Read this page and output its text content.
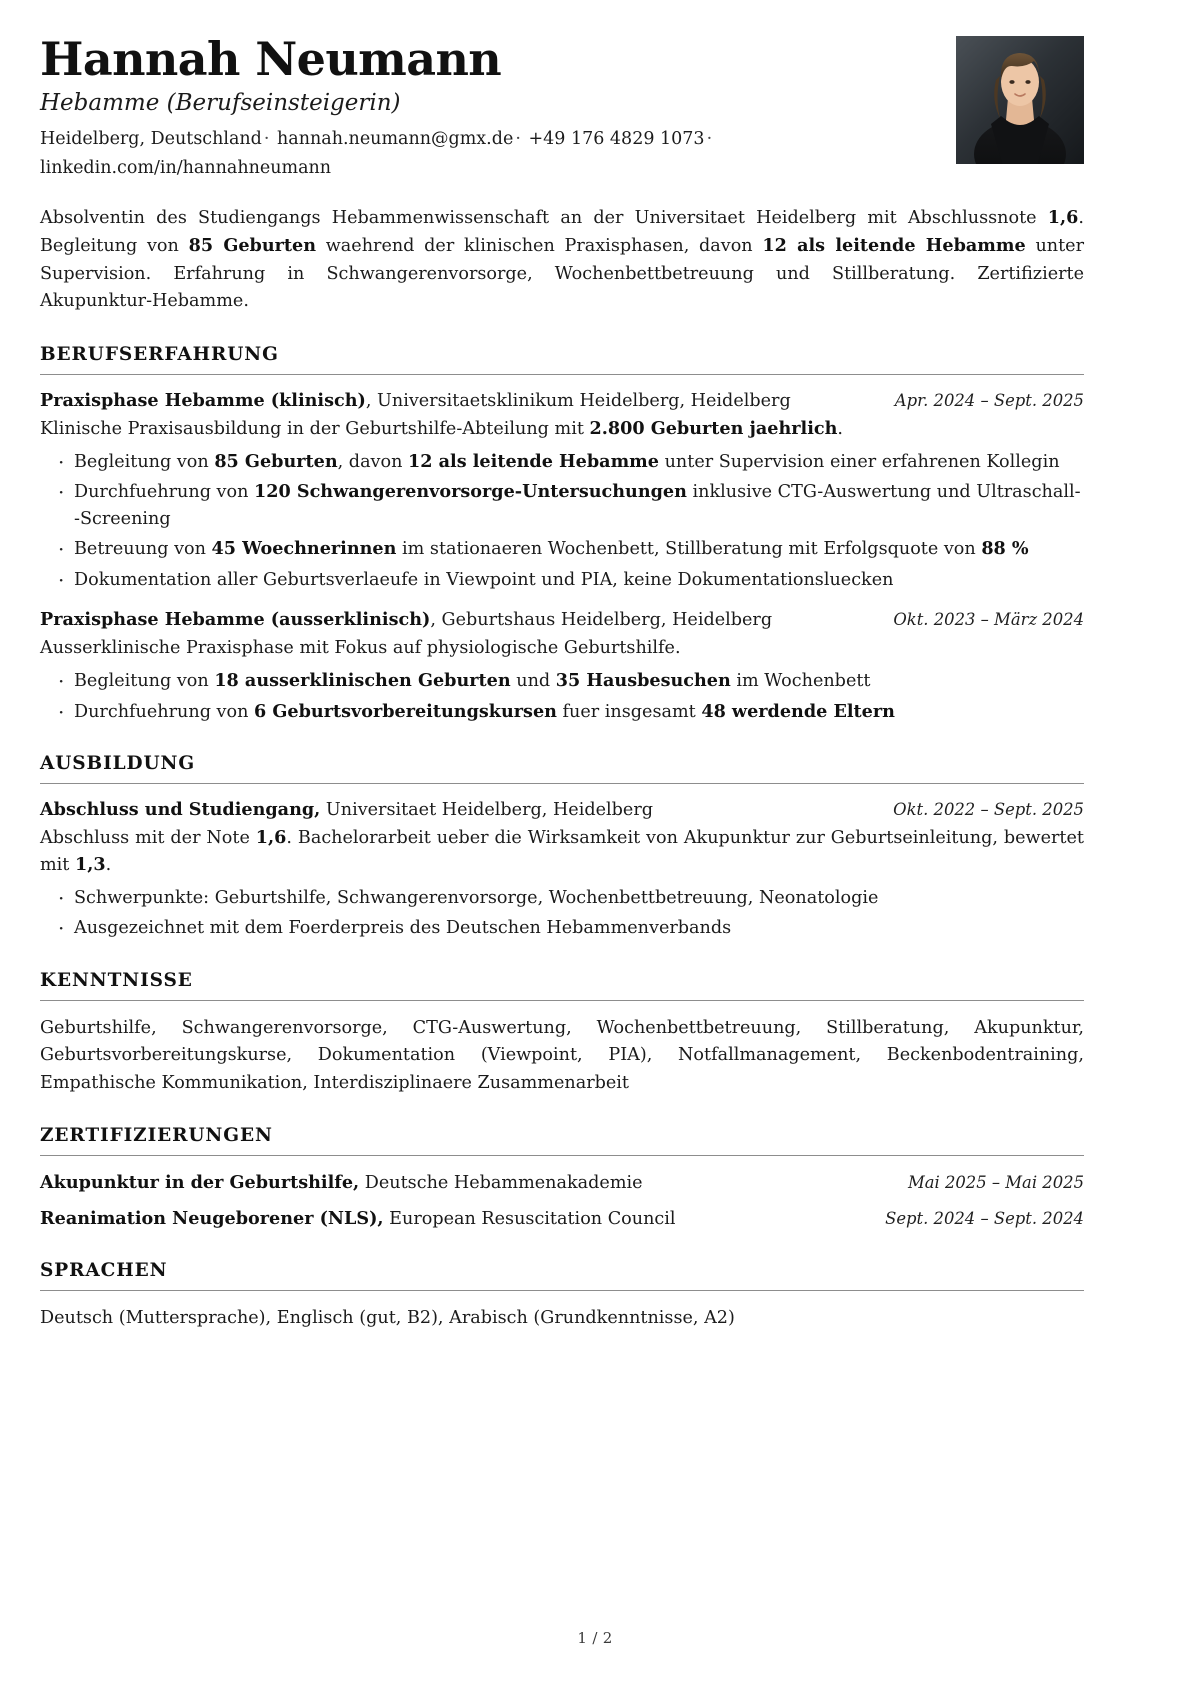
Hannah Neumann
Hebamme (Berufseinsteigerin)
Heidelberg, Deutschland · hannah.neumann@gmx.de · +49 176 4829 1073 · linkedin.com/in/hannahneumann

Absolventin des Studiengangs Hebammenwissenschaft an der Universitaet Heidelberg mit Abschlussnote 1,6. Begleitung von 85 Geburten waehrend der klinischen Praxisphasen, davon 12 als leitende Hebamme unter Supervision. Erfahrung in Schwangerenvorsorge, Wochenbettbetreuung und Stillberatung. Zertifizierte Akupunktur-Hebamme.

BERUFSERFAHRUNG
Praxisphase Hebamme (klinisch), Universitaetsklinikum Heidelberg, Heidelberg	Apr. 2024 – Sept. 2025
Klinische Praxisausbildung in der Geburtshilfe-Abteilung mit 2.800 Geburten jaehrlich.
· Begleitung von 85 Geburten, davon 12 als leitende Hebamme unter Supervision einer erfahrenen Kollegin
· Durchfuehrung von 120 Schwangerenvorsorge-Untersuchungen inklusive CTG-Auswertung und Ultraschall--Screening
· Betreuung von 45 Woechnerinnen im stationaeren Wochenbett, Stillberatung mit Erfolgsquote von 88 %
· Dokumentation aller Geburtsverlaeufe in Viewpoint und PIA, keine Dokumentationsluecken
Praxisphase Hebamme (ausserklinisch), Geburtshaus Heidelberg, Heidelberg	Okt. 2023 – März 2024
Ausserklinische Praxisphase mit Fokus auf physiologische Geburtshilfe.
· Begleitung von 18 ausserklinischen Geburten und 35 Hausbesuchen im Wochenbett
· Durchfuehrung von 6 Geburtsvorbereitungskursen fuer insgesamt 48 werdende Eltern
AUSBILDUNG
Abschluss und Studiengang, Universitaet Heidelberg, Heidelberg	Okt. 2022 – Sept. 2025
Abschluss mit der Note 1,6. Bachelorarbeit ueber die Wirksamkeit von Akupunktur zur Geburtseinleitung, bewertet mit 1,3.
· Schwerpunkte: Geburtshilfe, Schwangerenvorsorge, Wochenbettbetreuung, Neonatologie
· Ausgezeichnet mit dem Foerderpreis des Deutschen Hebammenverbands
KENNTNISSE
Geburtshilfe, Schwangerenvorsorge, CTG-Auswertung, Wochenbettbetreuung, Stillberatung, Akupunktur, Geburtsvorbereitungskurse, Dokumentation (Viewpoint, PIA), Notfallmanagement, Beckenbodentraining, Empathische Kommunikation, Interdisziplinaere Zusammenarbeit
ZERTIFIZIERUNGEN
Akupunktur in der Geburtshilfe, Deutsche Hebammenakademie	Mai 2025 – Mai 2025
Reanimation Neugeborener (NLS), European Resuscitation Council	Sept. 2024 – Sept. 2024
SPRACHEN
Deutsch (Muttersprache), Englisch (gut, B2), Arabisch (Grundkenntnisse, A2)
1 / 2
